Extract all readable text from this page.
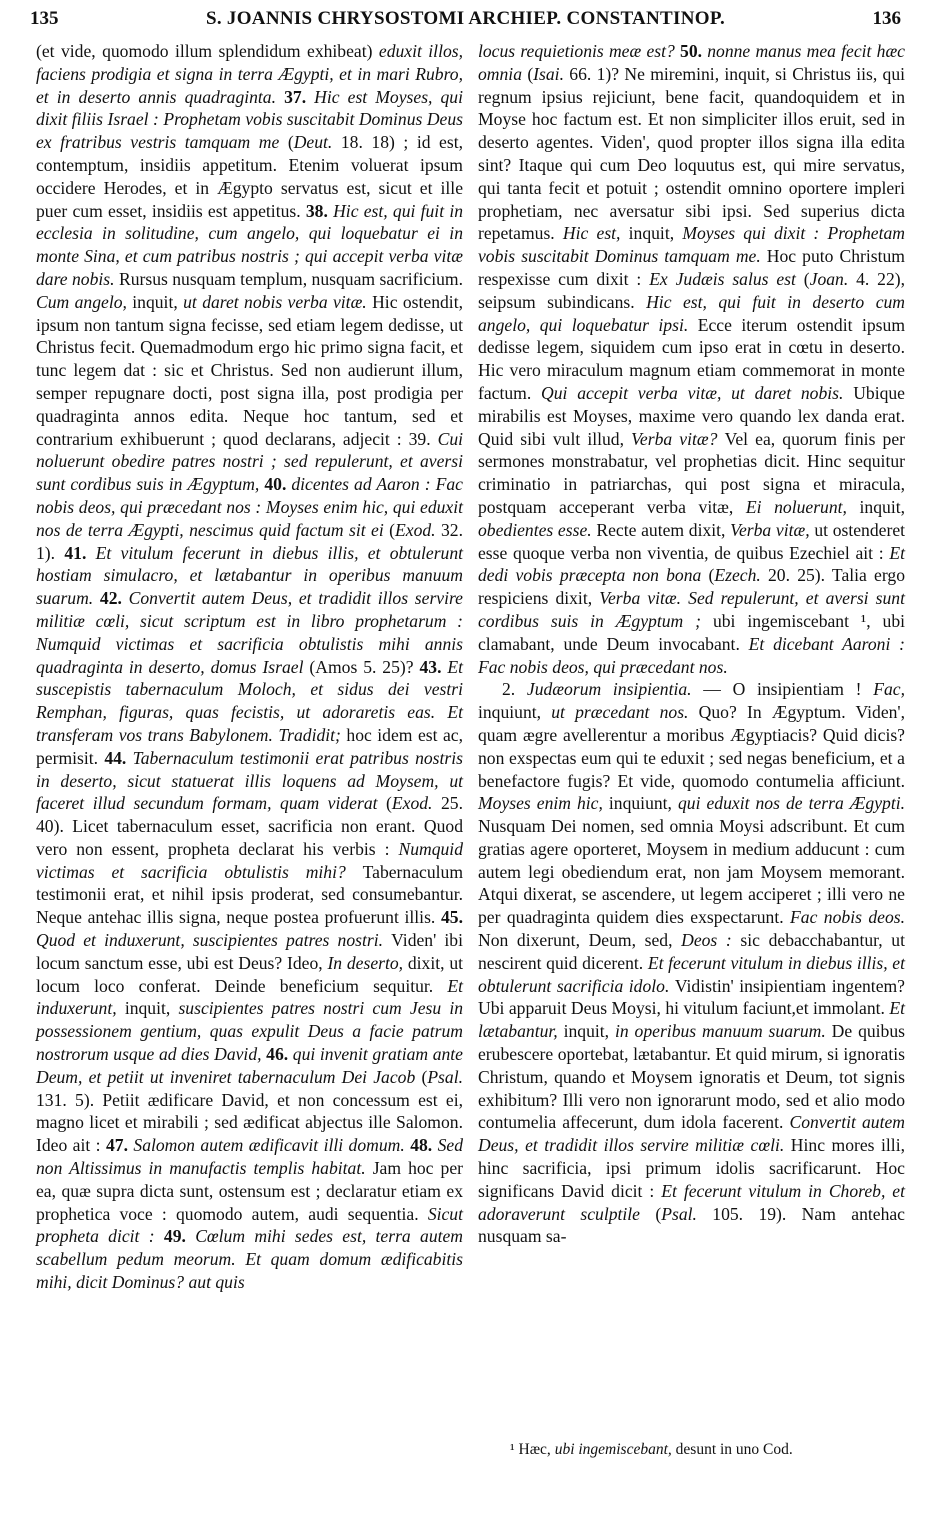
135	S. JOANNIS CHRYSOSTOMI ARCHIEP. CONSTANTINOP.	136

(et vide, quomodo illum splendidum exhibeat) eduxit illos, faciens prodigia et signa in terra Ægypti, et in mari Rubro, et in deserto annis quadraginta. 37. Hic est Moyses, qui dixit filiis Israel : Prophetam vobis suscitabit Dominus Deus ex fratribus vestris tamquam me (Deut. 18. 18) ; id est, contemptum, insidiis appetitum. Etenim voluerat ipsum occidere Herodes, et in Ægypto servatus est, sicut et ille puer cum esset, insidiis est appetitus. 38. Hic est, qui fuit in ecclesia in solitudine, cum angelo, qui loquebatur ei in monte Sina, et cum patribus nostris ; qui accepit verba vitæ dare nobis. Rursus nusquam templum, nusquam sacrificium. Cum angelo, inquit, ut daret nobis verba vitæ. Hic ostendit, ipsum non tantum signa fecisse, sed etiam legem dedisse, ut Christus fecit. Quemadmodum ergo hic primo signa facit, et tunc legem dat : sic et Christus. Sed non audierunt illum, semper repugnare docti, post signa illa, post prodigia per quadraginta annos edita. Neque hoc tantum, sed et contrarium exhibuerunt ; quod declarans, adjecit : 39. Cui noluerunt obedire patres nostri ; sed repulerunt, et aversi sunt cordibus suis in Ægyptum, 40. dicentes ad Aaron : Fac nobis deos, qui præcedant nos : Moyses enim hic, qui eduxit nos de terra Ægypti, nescimus quid factum sit ei (Exod. 32. 1). 41. Et vitulum fecerunt in diebus illis, et obtulerunt hostiam simulacro, et lætabantur in operibus manuum suarum. 42. Convertit autem Deus, et tradidit illos servire militiæ cœli, sicut scriptum est in libro prophetarum : Numquid victimas et sacrificia obtulistis mihi annis quadraginta in deserto, domus Israel (Amos 5. 25)? 43. Et suscepistis tabernaculum Moloch, et sidus dei vestri Remphan, figuras, quas fecistis, ut adoraretis eas. Et transferam vos trans Babylonem. Tradidit; hoc idem est ac, permisit. 44. Tabernaculum testimonii erat patribus nostris in deserto, sicut statuerat illis loquens ad Moysem, ut faceret illud secundum formam, quam viderat (Exod. 25. 40). Licet tabernaculum esset, sacrificia non erant. Quod vero non essent, propheta declarat his verbis : Numquid victimas et sacrificia obtulistis mihi? Tabernaculum testimonii erat, et nihil ipsis proderat, sed consumebantur. Neque antehac illis signa, neque postea profuerunt illis. 45. Quod et induxerunt, suscipientes patres nostri. Viden' ibi locum sanctum esse, ubi est Deus? Ideo, In deserto, dixit, ut locum loco conferat. Deinde beneficium sequitur. Et induxerunt, inquit, suscipientes patres nostri cum Jesu in possessionem gentium, quas expulit Deus a facie patrum nostrorum usque ad dies David, 46. qui invenit gratiam ante Deum, et petiit ut inveniret tabernaculum Dei Jacob (Psal. 131. 5). Petiit ædificare David, et non concessum est ei, magno licet et mirabili ; sed ædificat abjectus ille Salomon. Ideo ait : 47. Salomon autem ædificavit illi domum. 48. Sed non Altissimus in manufactis templis habitat. Jam hoc per ea, quæ supra dicta sunt, ostensum est ; declaratur etiam ex prophetica voce : quomodo autem, audi sequentia. Sicut propheta dicit : 49. Cœlum mihi sedes est, terra autem scabellum pedum meorum. Et quam domum ædificabitis mihi, dicit Dominus? aut quis

locus requietionis meæ est? 50. nonne manus mea fecit hæc omnia (Isai. 66. 1)? Ne miremini, inquit, si Christus iis, qui regnum ipsius rejiciunt, bene facit, quandoquidem et in Moyse hoc factum est. Et non simpliciter illos eruit, sed in deserto agentes. Viden', quod propter illos signa illa edita sint? Itaque qui cum Deo loquutus est, qui mire servatus, qui tanta fecit et potuit ; ostendit omnino oportere impleri prophetiam, nec aversatur sibi ipsi. Sed superius dicta repetamus. Hic est, inquit, Moyses qui dixit : Prophetam vobis suscitabit Dominus tamquam me. Hoc puto Christum respexisse cum dixit : Ex Judæis salus est (Joan. 4. 22), seipsum subindicans. Hic est, qui fuit in deserto cum angelo, qui loquebatur ipsi. Ecce iterum ostendit ipsum dedisse legem, siquidem cum ipso erat in cœtu in deserto. Hic vero miraculum magnum etiam commemorat in monte factum. Qui accepit verba vitæ, ut daret nobis. Ubique mirabilis est Moyses, maxime vero quando lex danda erat. Quid sibi vult illud, Verba vitæ? Vel ea, quorum finis per sermones monstrabatur, vel prophetias dicit. Hinc sequitur criminatio in patriarchas, qui post signa et miracula, postquam acceperant verba vitæ, Ei noluerunt, inquit, obedientes esse. Recte autem dixit, Verba vitæ, ut ostenderet esse quoque verba non viventia, de quibus Ezechiel ait : Et dedi vobis præcepta non bona (Ezech. 20. 25). Talia ergo respiciens dixit, Verba vitæ. Sed repulerunt, et aversi sunt cordibus suis in Ægyptum ; ubi ingemiscebant ¹, ubi clamabant, unde Deum invocabant. Et dicebant Aaroni : Fac nobis deos, qui præcedant nos.

2. Judæorum insipientia. — O insipientiam ! Fac, inquiunt, ut præcedant nos. Quo? In Ægyptum. Viden', quam ægre avellerentur a moribus Ægyptiacis? Quid dicis? non exspectas eum qui te eduxit ; sed negas beneficium, et a benefactore fugis? Et vide, quomodo contumelia afficiunt. Moyses enim hic, inquiunt, qui eduxit nos de terra Ægypti. Nusquam Dei nomen, sed omnia Moysi adscribunt. Et cum gratias agere oporteret, Moysem in medium adducunt : cum autem legi obediendum erat, non jam Moysem memorant. Atqui dixerat, se ascendere, ut legem acciperet ; illi vero ne per quadraginta quidem dies exspectarunt. Fac nobis deos. Non dixerunt, Deum, sed, Deos : sic debacchabantur, ut nescirent quid dicerent. Et fecerunt vitulum in diebus illis, et obtulerunt sacrificia idolo. Vidistin' insipientiam ingentem? Ubi apparuit Deus Moysi, hi vitulum faciunt,et immolant. Et lætabantur, inquit, in operibus manuum suarum. De quibus erubescere oportebat, lætabantur. Et quid mirum, si ignoratis Christum, quando et Moysem ignoratis et Deum, tot signis exhibitum? Illi vero non ignorarunt modo, sed et alio modo contumelia affecerunt, dum idola facerent. Convertit autem Deus, et tradidit illos servire militiæ cœli. Hinc mores illi, hinc sacrificia, ipsi primum idolis sacrificarunt. Hoc significans David dicit : Et fecerunt vitulum in Choreb, et adoraverunt sculptile (Psal. 105. 19). Nam antehac nusquam sa-

¹ Hæc, ubi ingemiscebant, desunt in uno Cod.
